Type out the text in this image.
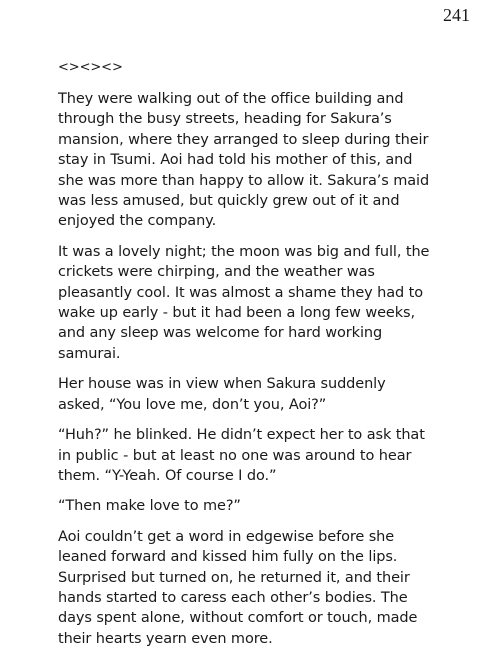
241
<><><>

They were walking out of the office building and through the busy streets, heading for Sakura’s mansion, where they arranged to sleep during their stay in Tsumi. Aoi had told his mother of this, and she was more than happy to allow it. Sakura’s maid was less amused, but quickly grew out of it and enjoyed the company.

It was a lovely night; the moon was big and full, the crickets were chirping, and the weather was pleasantly cool. It was almost a shame they had to wake up early - but it had been a long few weeks, and any sleep was welcome for hard working samurai.

Her house was in view when Sakura suddenly asked, “You love me, don’t you, Aoi?”

“Huh?” he blinked. He didn’t expect her to ask that in public - but at least no one was around to hear them. “Y-Yeah. Of course I do.”

“Then make love to me?”

Aoi couldn’t get a word in edgewise before she leaned forward and kissed him fully on the lips. Surprised but turned on, he returned it, and their hands started to caress each other’s bodies. The days spent alone, without comfort or touch, made their hearts yearn even more.
